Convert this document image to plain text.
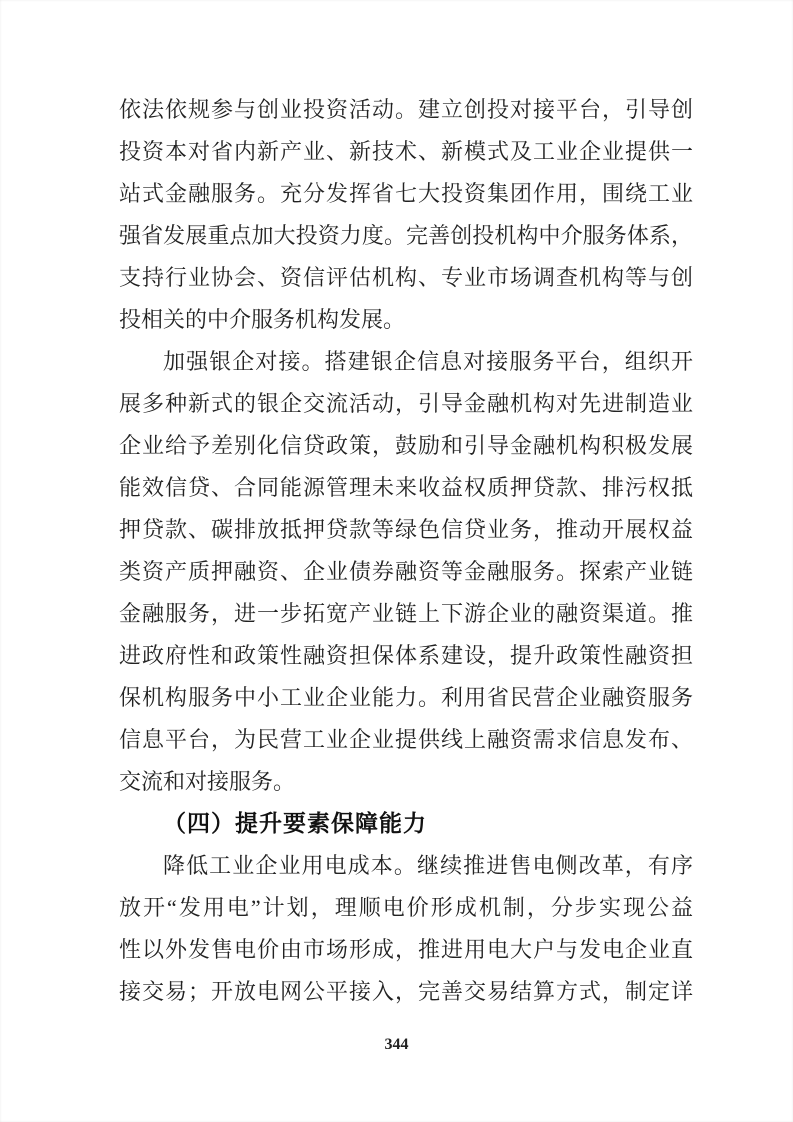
依法依规参与创业投资活动。建立创投对接平台，引导创
投资本对省内新产业、新技术、新模式及工业企业提供一
站式金融服务。充分发挥省七大投资集团作用，围绕工业
强省发展重点加大投资力度。完善创投机构中介服务体系，
支持行业协会、资信评估机构、专业市场调查机构等与创
投相关的中介服务机构发展。
加强银企对接。搭建银企信息对接服务平台，组织开
展多种新式的银企交流活动，引导金融机构对先进制造业
企业给予差别化信贷政策，鼓励和引导金融机构积极发展
能效信贷、合同能源管理未来收益权质押贷款、排污权抵
押贷款、碳排放抵押贷款等绿色信贷业务，推动开展权益
类资产质押融资、企业债券融资等金融服务。探索产业链
金融服务，进一步拓宽产业链上下游企业的融资渠道。推
进政府性和政策性融资担保体系建设，提升政策性融资担
保机构服务中小工业企业能力。利用省民营企业融资服务
信息平台，为民营工业企业提供线上融资需求信息发布、
交流和对接服务。
（四）提升要素保障能力
降低工业企业用电成本。继续推进售电侧改革，有序
放开“发用电”计划，理顺电价形成机制，分步实现公益
性以外发售电价由市场形成，推进用电大户与发电企业直
接交易；开放电网公平接入，完善交易结算方式，制定详
344
